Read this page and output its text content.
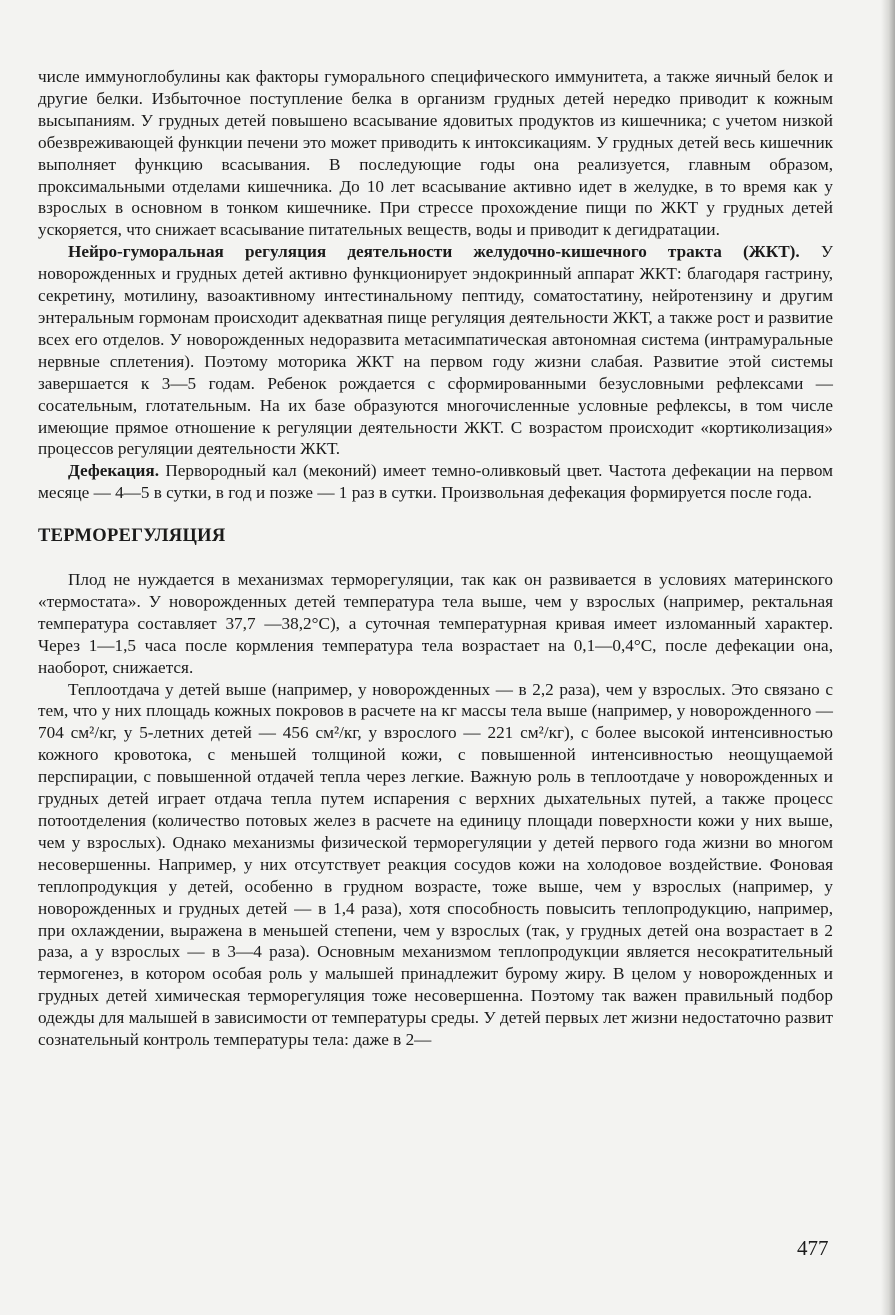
числе иммуноглобулины как факторы гуморального специфического иммунитета, а также яичный белок и другие белки. Избыточное поступление белка в организм грудных детей нередко приводит к кожным высыпаниям. У грудных детей повышено всасывание ядовитых продуктов из кишечника; с учетом низкой обезвреживающей функции печени это может приводить к интоксикациям. У грудных детей весь кишечник выполняет функцию всасывания. В последующие годы она реализуется, главным образом, проксимальными отделами кишечника. До 10 лет всасывание активно идет в желудке, в то время как у взрослых в основном в тонком кишечнике. При стрессе прохождение пищи по ЖКТ у грудных детей ускоряется, что снижает всасывание питательных веществ, воды и приводит к дегидратации.

Нейро-гуморальная регуляция деятельности желудочно-кишечного тракта (ЖКТ). У новорожденных и грудных детей активно функционирует эндокринный аппарат ЖКТ: благодаря гастрину, секретину, мотилину, вазоактивному интестинальному пептиду, соматостатину, нейротензину и другим энтеральным гормонам происходит адекватная пище регуляция деятельности ЖКТ, а также рост и развитие всех его отделов. У новорожденных недоразвита метасимпатическая автономная система (интрамуральные нервные сплетения). Поэтому моторика ЖКТ на первом году жизни слабая. Развитие этой системы завершается к 3—5 годам. Ребенок рождается с сформированными безусловными рефлексами — сосательным, глотательным. На их базе образуются многочисленные условные рефлексы, в том числе имеющие прямое отношение к регуляции деятельности ЖКТ. С возрастом происходит «кортиколизация» процессов регуляции деятельности ЖКТ.

Дефекация. Первородный кал (меконий) имеет темно-оливковый цвет. Частота дефекации на первом месяце — 4—5 в сутки, в год и позже — 1 раз в сутки. Произвольная дефекация формируется после года.

ТЕРМОРЕГУЛЯЦИЯ

Плод не нуждается в механизмах терморегуляции, так как он развивается в условиях материнского «термостата». У новорожденных детей температура тела выше, чем у взрослых (например, ректальная температура составляет 37,7 —38,2°С), а суточная температурная кривая имеет изломанный характер. Через 1—1,5 часа после кормления температура тела возрастает на 0,1—0,4°С, после дефекации она, наоборот, снижается.

Теплоотдача у детей выше (например, у новорожденных — в 2,2 раза), чем у взрослых. Это связано с тем, что у них площадь кожных покровов в расчете на кг массы тела выше (например, у новорожденного — 704 см²/кг, у 5-летних детей — 456 см²/кг, у взрослого — 221 см²/кг), с более высокой интенсивностью кожного кровотока, с меньшей толщиной кожи, с повышенной интенсивностью неощущаемой перспирации, с повышенной отдачей тепла через легкие. Важную роль в теплоотдаче у новорожденных и грудных детей играет отдача тепла путем испарения с верхних дыхательных путей, а также процесс потоотделения (количество потовых желез в расчете на единицу площади поверхности кожи у них выше, чем у взрослых). Однако механизмы физической терморегуляции у детей первого года жизни во многом несовершенны. Например, у них отсутствует реакция сосудов кожи на холодовое воздействие. Фоновая теплопродукция у детей, особенно в грудном возрасте, тоже выше, чем у взрослых (например, у новорожденных и грудных детей — в 1,4 раза), хотя способность повысить теплопродукцию, например, при охлаждении, выражена в меньшей степени, чем у взрослых (так, у грудных детей она возрастает в 2 раза, а у взрослых — в 3—4 раза). Основным механизмом теплопродукции является несократительный термогенез, в котором особая роль у малышей принадлежит бурому жиру. В целом у новорожденных и грудных детей химическая терморегуляция тоже несовершенна. Поэтому так важен правильный подбор одежды для малышей в зависимости от температуры среды. У детей первых лет жизни недостаточно развит сознательный контроль температуры тела: даже в 2—

477
